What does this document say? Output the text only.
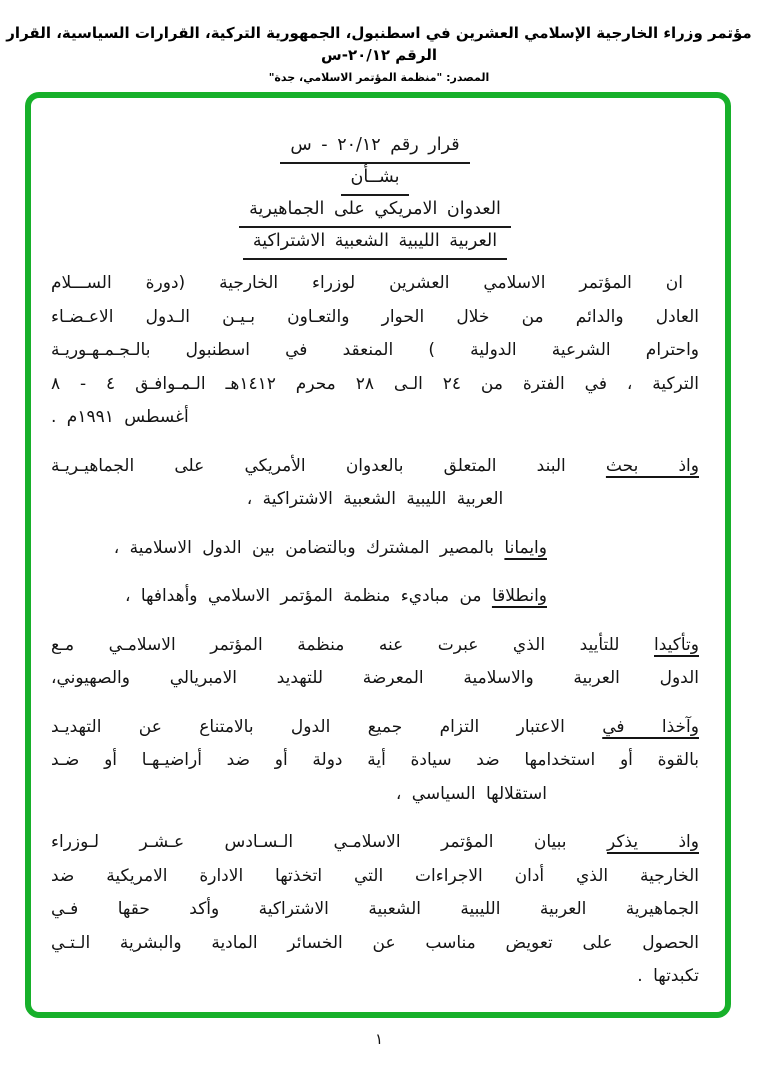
مؤتمر وزراء الخارجية الإسلامي العشرين في اسطنبول، الجمهورية التركية، القرارات السياسية، القرار الرقم ٢٠/١٢-س
المصدر: "منظمة المؤتمر الاسلامي، جدة"
قرار رقم ٢٠/١٢ - س
بشــأن
العدوان الامريكي على الجماهيرية
العربية الليبية الشعبية الاشتراكية
ان المؤتمر الاسلامي العشرين لوزراء الخارجية (دورة الســـلام
العادل والدائم من خلال الحوار والتعـاون بـيـن الـدول الاعـضـاء
واحترام الشرعية الدولية ) المنعقد في اسطنبول بالـجـمـهـوريـة
التركية ، في الفترة من ٢٤ الـى ٢٨ محرم ١٤١٢هـ الـمـوافـق ٤ - ٨
أغسطس ١٩٩١م .
واذ بحث البند المتعلق بالعدوان الأمريكي على الجماهيـريـة
العربية الليبية الشعبية الاشتراكية ،
وايمانا بالمصير المشترك وبالتضامن بين الدول الاسلامية ،
وانطلاقا من مباديء منظمة المؤتمر الاسلامي وأهدافها ،
وتأكيدا للتأييد الذي عبرت عنه منظمة المؤتمر الاسلامـي مـع
الدول العربية والاسلامية المعرضة للتهديد الامبريالي والصهيوني،
وآخذا في الاعتبار التزام جميع الدول بالامتناع عن التهديـد
بالقوة أو استخدامها ضد سيادة أية دولة أو ضد أراضيـهـا أو ضـد
استقلالها السياسي ،
واذ يذكر ببيان المؤتمر الاسلامـي الـسـادس عـشـر لـوزراء
الخارجية الذي أدان الاجراءات التي اتخذتها الادارة الامريكية ضد
الجماهيرية العربية الليبية الشعبية الاشتراكية وأكد حقها فـي
الحصول على تعويض مناسب عن الخسائر المادية والبشرية الـتـي
تكبدتها .
١
